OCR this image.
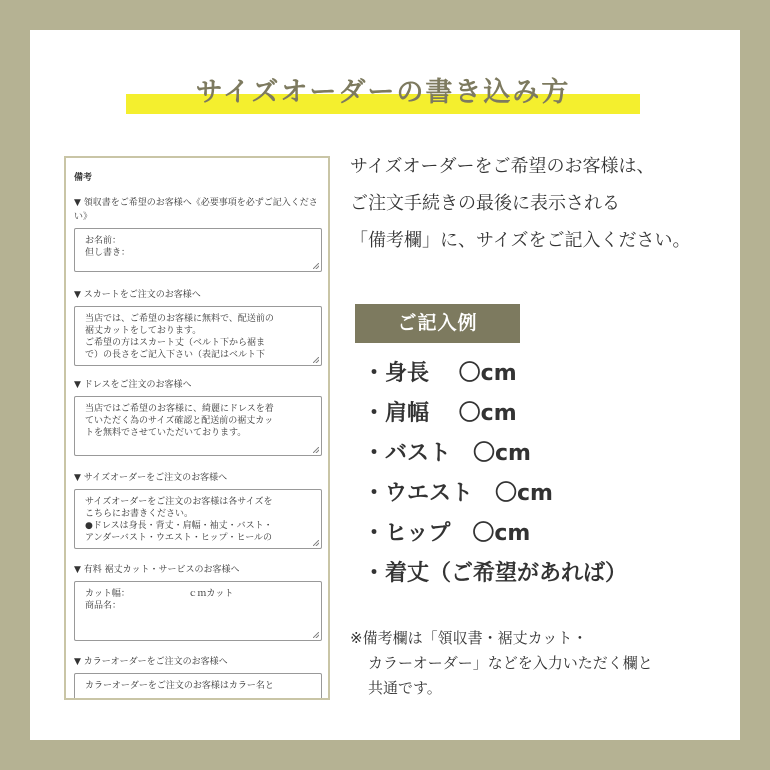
サイズオーダーの書き込み方
備考
▼ 領収書をご希望のお客様へ《必要事項を必ずご記入ください》
お名前：
但し書き：
▼ スカートをご注文のお客様へ
当店では、ご希望のお客様に無料で、配送前の
裾丈カットをしております。
ご希望の方はスカート丈（ベルト下から裾ま
で）の長さをご記入下さい（表記はベルト下
▼ ドレスをご注文のお客様へ
当店ではご希望のお客様に、綺麗にドレスを着
ていただく為のサイズ確認と配送前の裾丈カッ
トを無料でさせていただいております。
▼ サイズオーダーをご注文のお客様へ
サイズオーダーをご注文のお客様は各サイズを
こちらにお書きください。
●ドレスは身長・背丈・肩幅・袖丈・バスト・
アンダーバスト・ウエスト・ヒップ・ヒールの
▼ 有料 裾丈カット・サービスのお客様へ
カット幅：　　　　　　　ｃｍカット
商品名：
▼ カラーオーダーをご注文のお客様へ
カラーオーダーをご注文のお客様はカラー名と
サイズオーダーをご希望のお客様は、
ご注文手続きの最後に表示される
「備考欄」に、サイズをご記入ください。
ご記入例
・身長　 〇cm
・肩幅　 〇cm
・バスト　〇cm
・ウエスト　〇cm
・ヒップ　〇cm
・着丈（ご希望があれば）
※備考欄は「領収書・裾丈カット・
カラーオーダー」などを入力いただく欄と
共通です。
